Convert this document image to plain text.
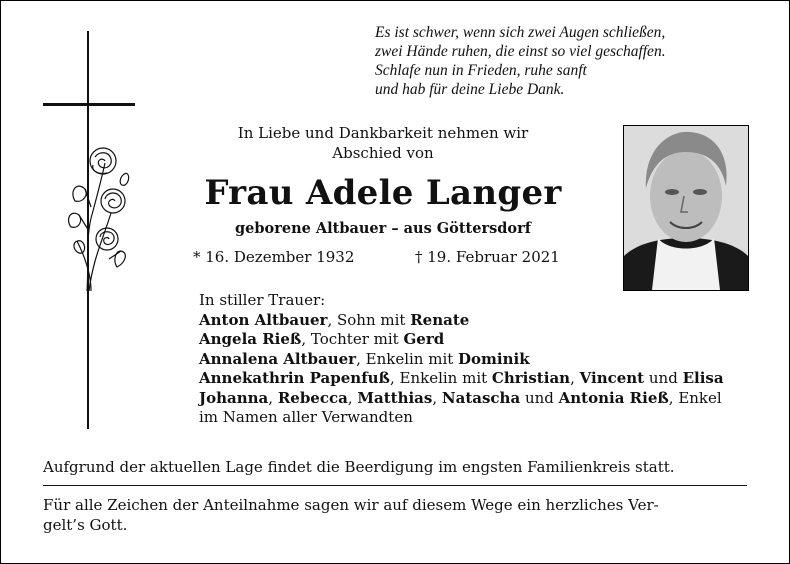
Es ist schwer, wenn sich zwei Augen schließen,
zwei Hände ruhen, die einst so viel geschaffen.
Schlafe nun in Frieden, ruhe sanft
und hab für deine Liebe Dank.
In Liebe und Dankbarkeit nehmen wir
Abschied von
Frau Adele Langer
geborene Altbauer – aus Göttersdorf
* 16. Dezember 1932	† 19. Februar 2021
In stiller Trauer:
Anton Altbauer, Sohn mit Renate
Angela Rieß, Tochter mit Gerd
Annalena Altbauer, Enkelin mit Dominik
Annekathrin Papenfuß, Enkelin mit Christian, Vincent und Elisa
Johanna, Rebecca, Matthias, Natascha und Antonia Rieß, Enkel
im Namen aller Verwandten
Aufgrund der aktuellen Lage findet die Beerdigung im engsten Familienkreis statt.
Für alle Zeichen der Anteilnahme sagen wir auf diesem Wege ein herzliches Ver-
gelt’s Gott.
